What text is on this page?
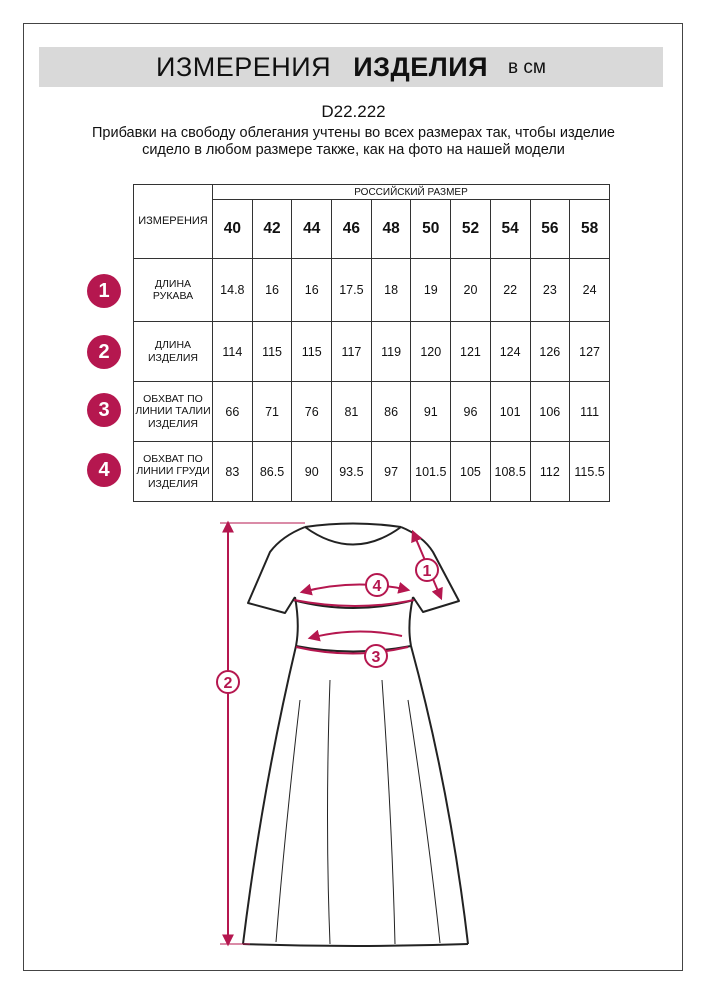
ИЗМЕРЕНИЯ ИЗДЕЛИЯ в см
D22.222
Прибавки на свободу облегания учтены во всех размерах так, чтобы изделие сидело в любом размере также, как на фото на нашей модели
ИЗМЕРЕНИЯ	РОССИЙСКИЙ РАЗМЕР									
	40	42	44	46	48	50	52	54	56	58
ДЛИНА РУКАВА	14.8	16	16	17.5	18	19	20	22	23	24
ДЛИНА ИЗДЕЛИЯ	114	115	115	117	119	120	121	124	126	127
ОБХВАТ ПО ЛИНИИ ТАЛИИ ИЗДЕЛИЯ	66	71	76	81	86	91	96	101	106	111
ОБХВАТ ПО ЛИНИИ ГРУДИ ИЗДЕЛИЯ	83	86.5	90	93.5	97	101.5	105	108.5	112	115.5
1
2
3
4
1
2
3
4
